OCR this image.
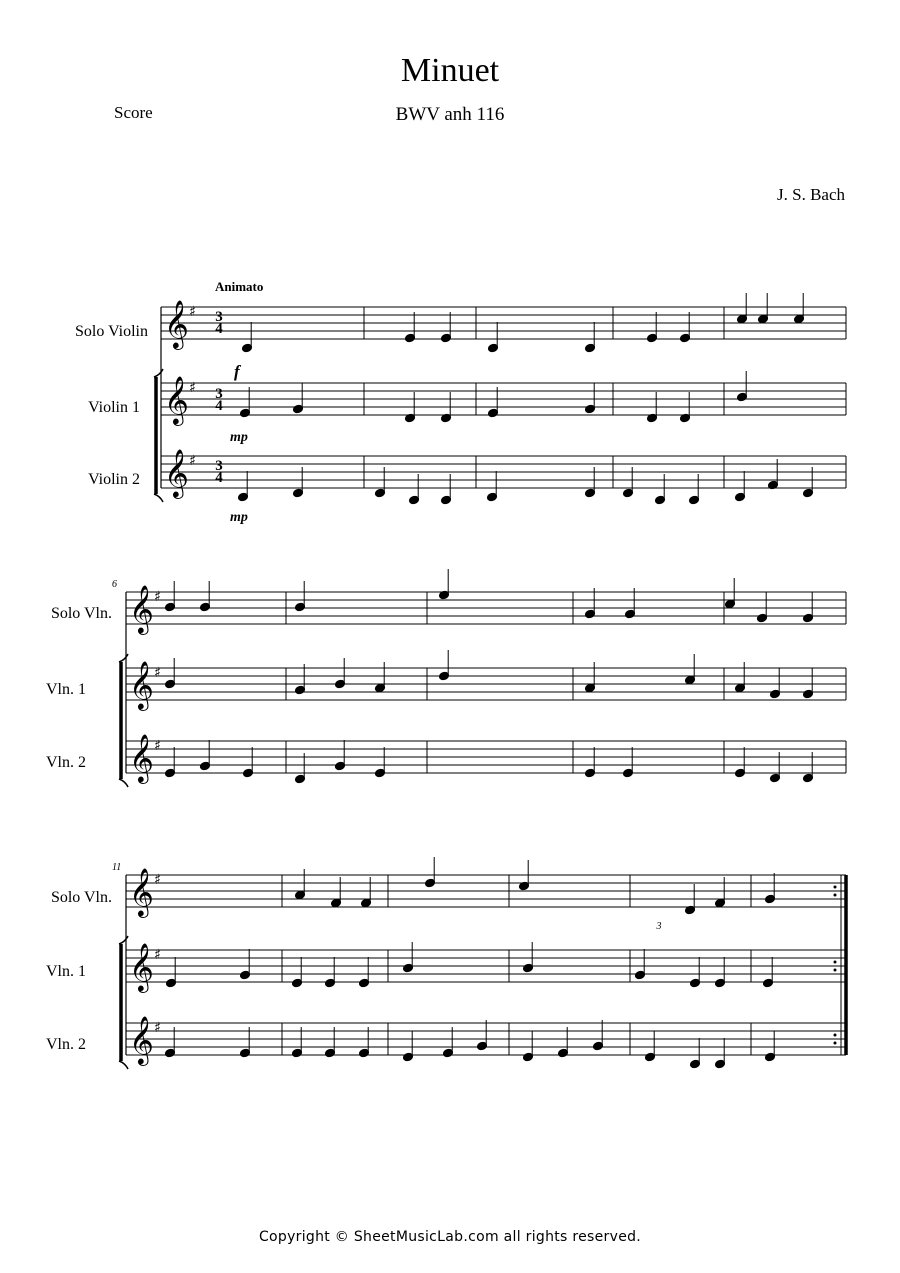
Minuet
BWV anh 116
Score
J. S. Bach
Animato
𝄞 ♯
𝄞 ♯
𝄞 ♯
𝄞 ♯
𝄞 ♯
𝄞 ♯
𝄞 ♯
𝄞 ♯
𝄞 ♯
Solo Violin
Violin 1
Violin 2
Solo Vln.
Vln. 1
Vln. 2
Solo Vln.
Vln. 1
Vln. 2
3
4
3
4
3
4
6
11
f
mp
mp
3
Copyright © SheetMusicLab.com all rights reserved.
